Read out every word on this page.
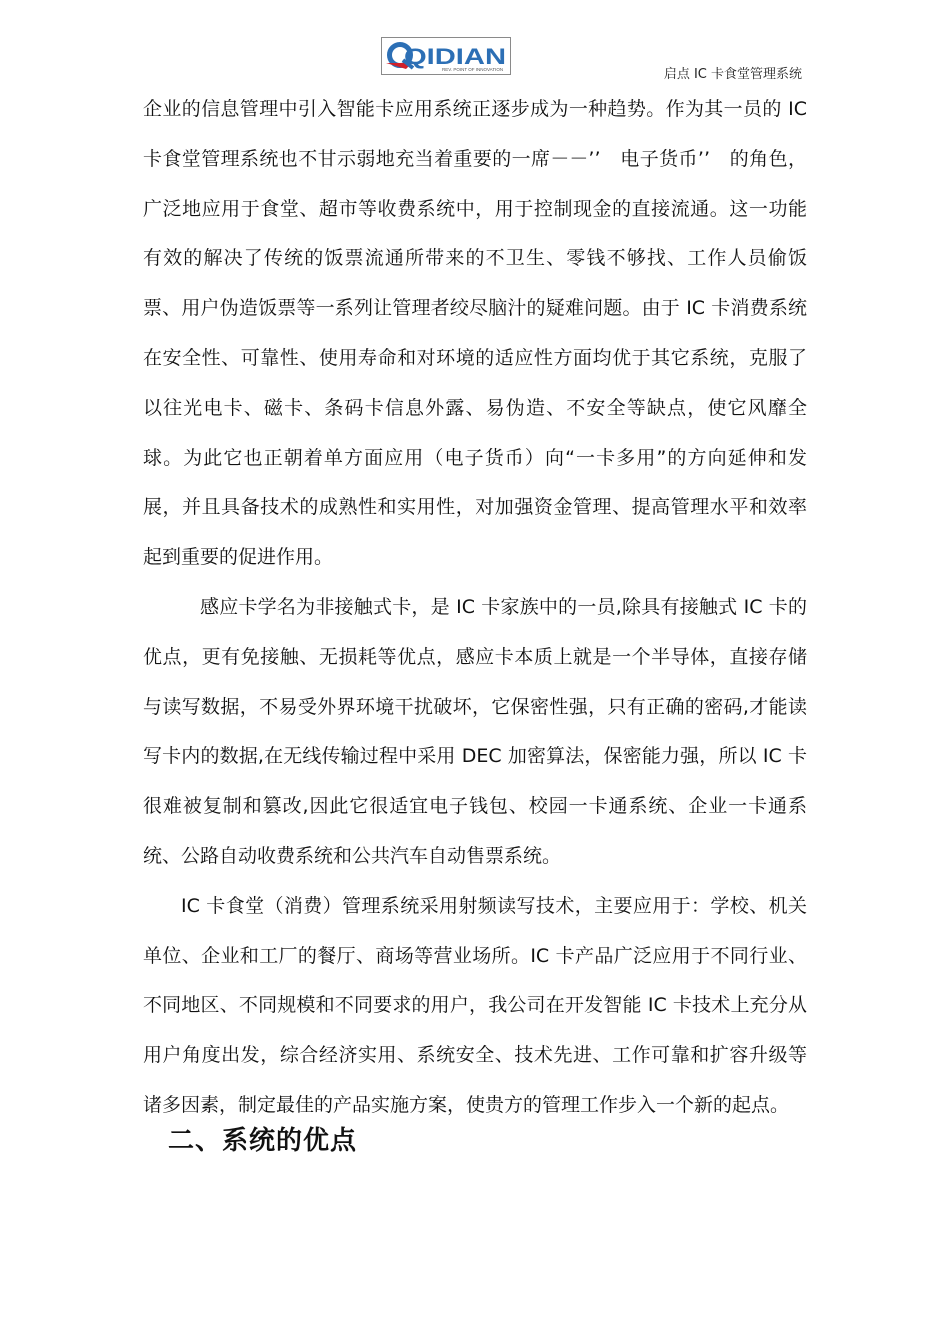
QIDIAN
REV. POINT OF INNOVATION	启点 IC 卡食堂管理系统

企业的信息管理中引入智能卡应用系统正逐步成为一种趋势。作为其一员的 IC 卡食堂管理系统也不甘示弱地充当着重要的一席－－’’　电子货币’’　的角色，广泛地应用于食堂、超市等收费系统中，用于控制现金的直接流通。这一功能有效的解决了传统的饭票流通所带来的不卫生、零钱不够找、工作人员偷饭票、用户伪造饭票等一系列让管理者绞尽脑汁的疑难问题。由于 IC 卡消费系统在安全性、可靠性、使用寿命和对环境的适应性方面均优于其它系统，克服了以往光电卡、磁卡、条码卡信息外露、易伪造、不安全等缺点，使它风靡全球。为此它也正朝着单方面应用（电子货币）向“一卡多用”的方向延伸和发展，并且具备技术的成熟性和实用性，对加强资金管理、提高管理水平和效率起到重要的促进作用。

感应卡学名为非接触式卡，是 IC 卡家族中的一员,除具有接触式 IC 卡的优点，更有免接触、无损耗等优点，感应卡本质上就是一个半导体，直接存储与读写数据，不易受外界环境干扰破坏，它保密性强，只有正确的密码,才能读写卡内的数据,在无线传输过程中采用 DEC 加密算法，保密能力强，所以 IC 卡很难被复制和篡改,因此它很适宜电子钱包、校园一卡通系统、企业一卡通系统、公路自动收费系统和公共汽车自动售票系统。

IC 卡食堂（消费）管理系统采用射频读写技术，主要应用于：学校、机关单位、企业和工厂的餐厅、商场等营业场所。IC 卡产品广泛应用于不同行业、不同地区、不同规模和不同要求的用户，我公司在开发智能 IC 卡技术上充分从用户角度出发，综合经济实用、系统安全、技术先进、工作可靠和扩容升级等诸多因素，制定最佳的产品实施方案，使贵方的管理工作步入一个新的起点。

二、系统的优点
